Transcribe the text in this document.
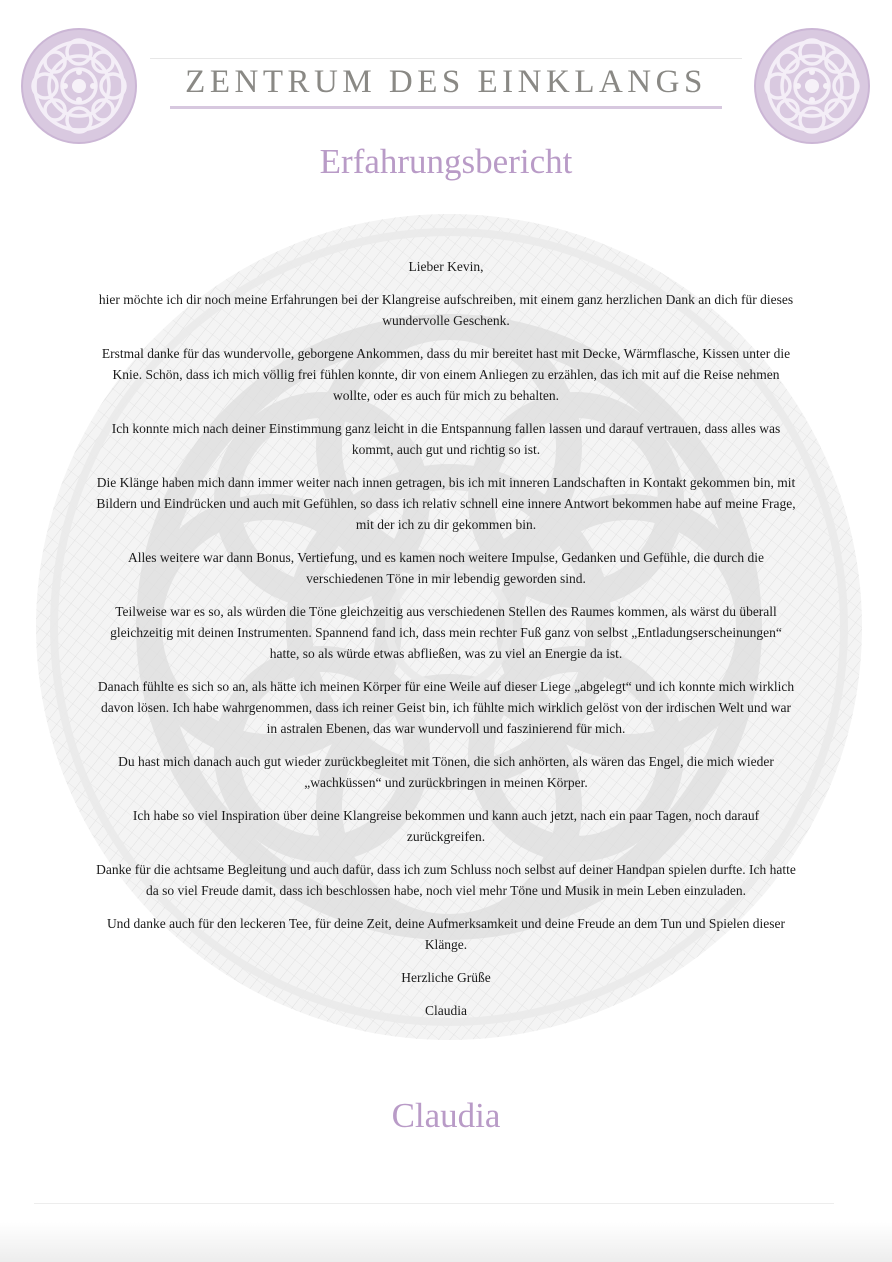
ZENTRUM DES EINKLANGS
Erfahrungsbericht

Lieber Kevin,

hier möchte ich dir noch meine Erfahrungen bei der Klangreise aufschreiben, mit einem ganz herzlichen Dank an dich für dieses wundervolle Geschenk.

Erstmal danke für das wundervolle, geborgene Ankommen, dass du mir bereitet hast mit Decke, Wärmflasche, Kissen unter die Knie. Schön, dass ich mich völlig frei fühlen konnte, dir von einem Anliegen zu erzählen, das ich mit auf die Reise nehmen wollte, oder es auch für mich zu behalten.

Ich konnte mich nach deiner Einstimmung ganz leicht in die Entspannung fallen lassen und darauf vertrauen, dass alles was kommt, auch gut und richtig so ist.

Die Klänge haben mich dann immer weiter nach innen getragen, bis ich mit inneren Landschaften in Kontakt gekommen bin, mit Bildern und Eindrücken und auch mit Gefühlen, so dass ich relativ schnell eine innere Antwort bekommen habe auf meine Frage, mit der ich zu dir gekommen bin.

Alles weitere war dann Bonus, Vertiefung, und es kamen noch weitere Impulse, Gedanken und Gefühle, die durch die verschiedenen Töne in mir lebendig geworden sind.

Teilweise war es so, als würden die Töne gleichzeitig aus verschiedenen Stellen des Raumes kommen, als wärst du überall gleichzeitig mit deinen Instrumenten. Spannend fand ich, dass mein rechter Fuß ganz von selbst „Entladungserscheinungen“ hatte, so als würde etwas abfließen, was zu viel an Energie da ist.

Danach fühlte es sich so an, als hätte ich meinen Körper für eine Weile auf dieser Liege „abgelegt“ und ich konnte mich wirklich davon lösen. Ich habe wahrgenommen, dass ich reiner Geist bin, ich fühlte mich wirklich gelöst von der irdischen Welt und war in astralen Ebenen, das war wundervoll und faszinierend für mich.

Du hast mich danach auch gut wieder zurückbegleitet mit Tönen, die sich anhörten, als wären das Engel, die mich wieder „wachküssen“ und zurückbringen in meinen Körper.

Ich habe so viel Inspiration über deine Klangreise bekommen und kann auch jetzt, nach ein paar Tagen, noch darauf zurückgreifen.

Danke für die achtsame Begleitung und auch dafür, dass ich zum Schluss noch selbst auf deiner Handpan spielen durfte. Ich hatte da so viel Freude damit, dass ich beschlossen habe, noch viel mehr Töne und Musik in mein Leben einzuladen.

Und danke auch für den leckeren Tee, für deine Zeit, deine Aufmerksamkeit und deine Freude an dem Tun und Spielen dieser Klänge.

Herzliche Grüße

Claudia

Claudia
